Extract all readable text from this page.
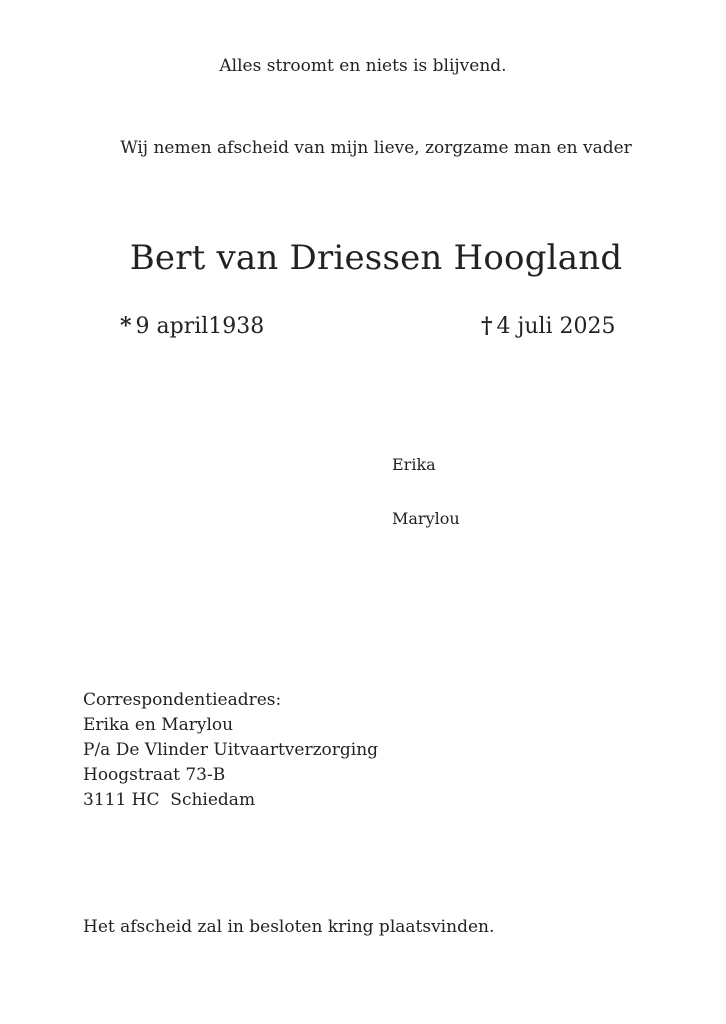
Alles stroomt en niets is blijvend.
Wij nemen afscheid van mijn lieve, zorgzame man en vader
Bert van Driessen Hoogland
* 9 april1938	† 4 juli 2025
Erika
Marylou
Correspondentieadres:
Erika en Marylou
P/a De Vlinder Uitvaartverzorging
Hoogstraat 73-B
3111 HC  Schiedam
Het afscheid zal in besloten kring plaatsvinden.
